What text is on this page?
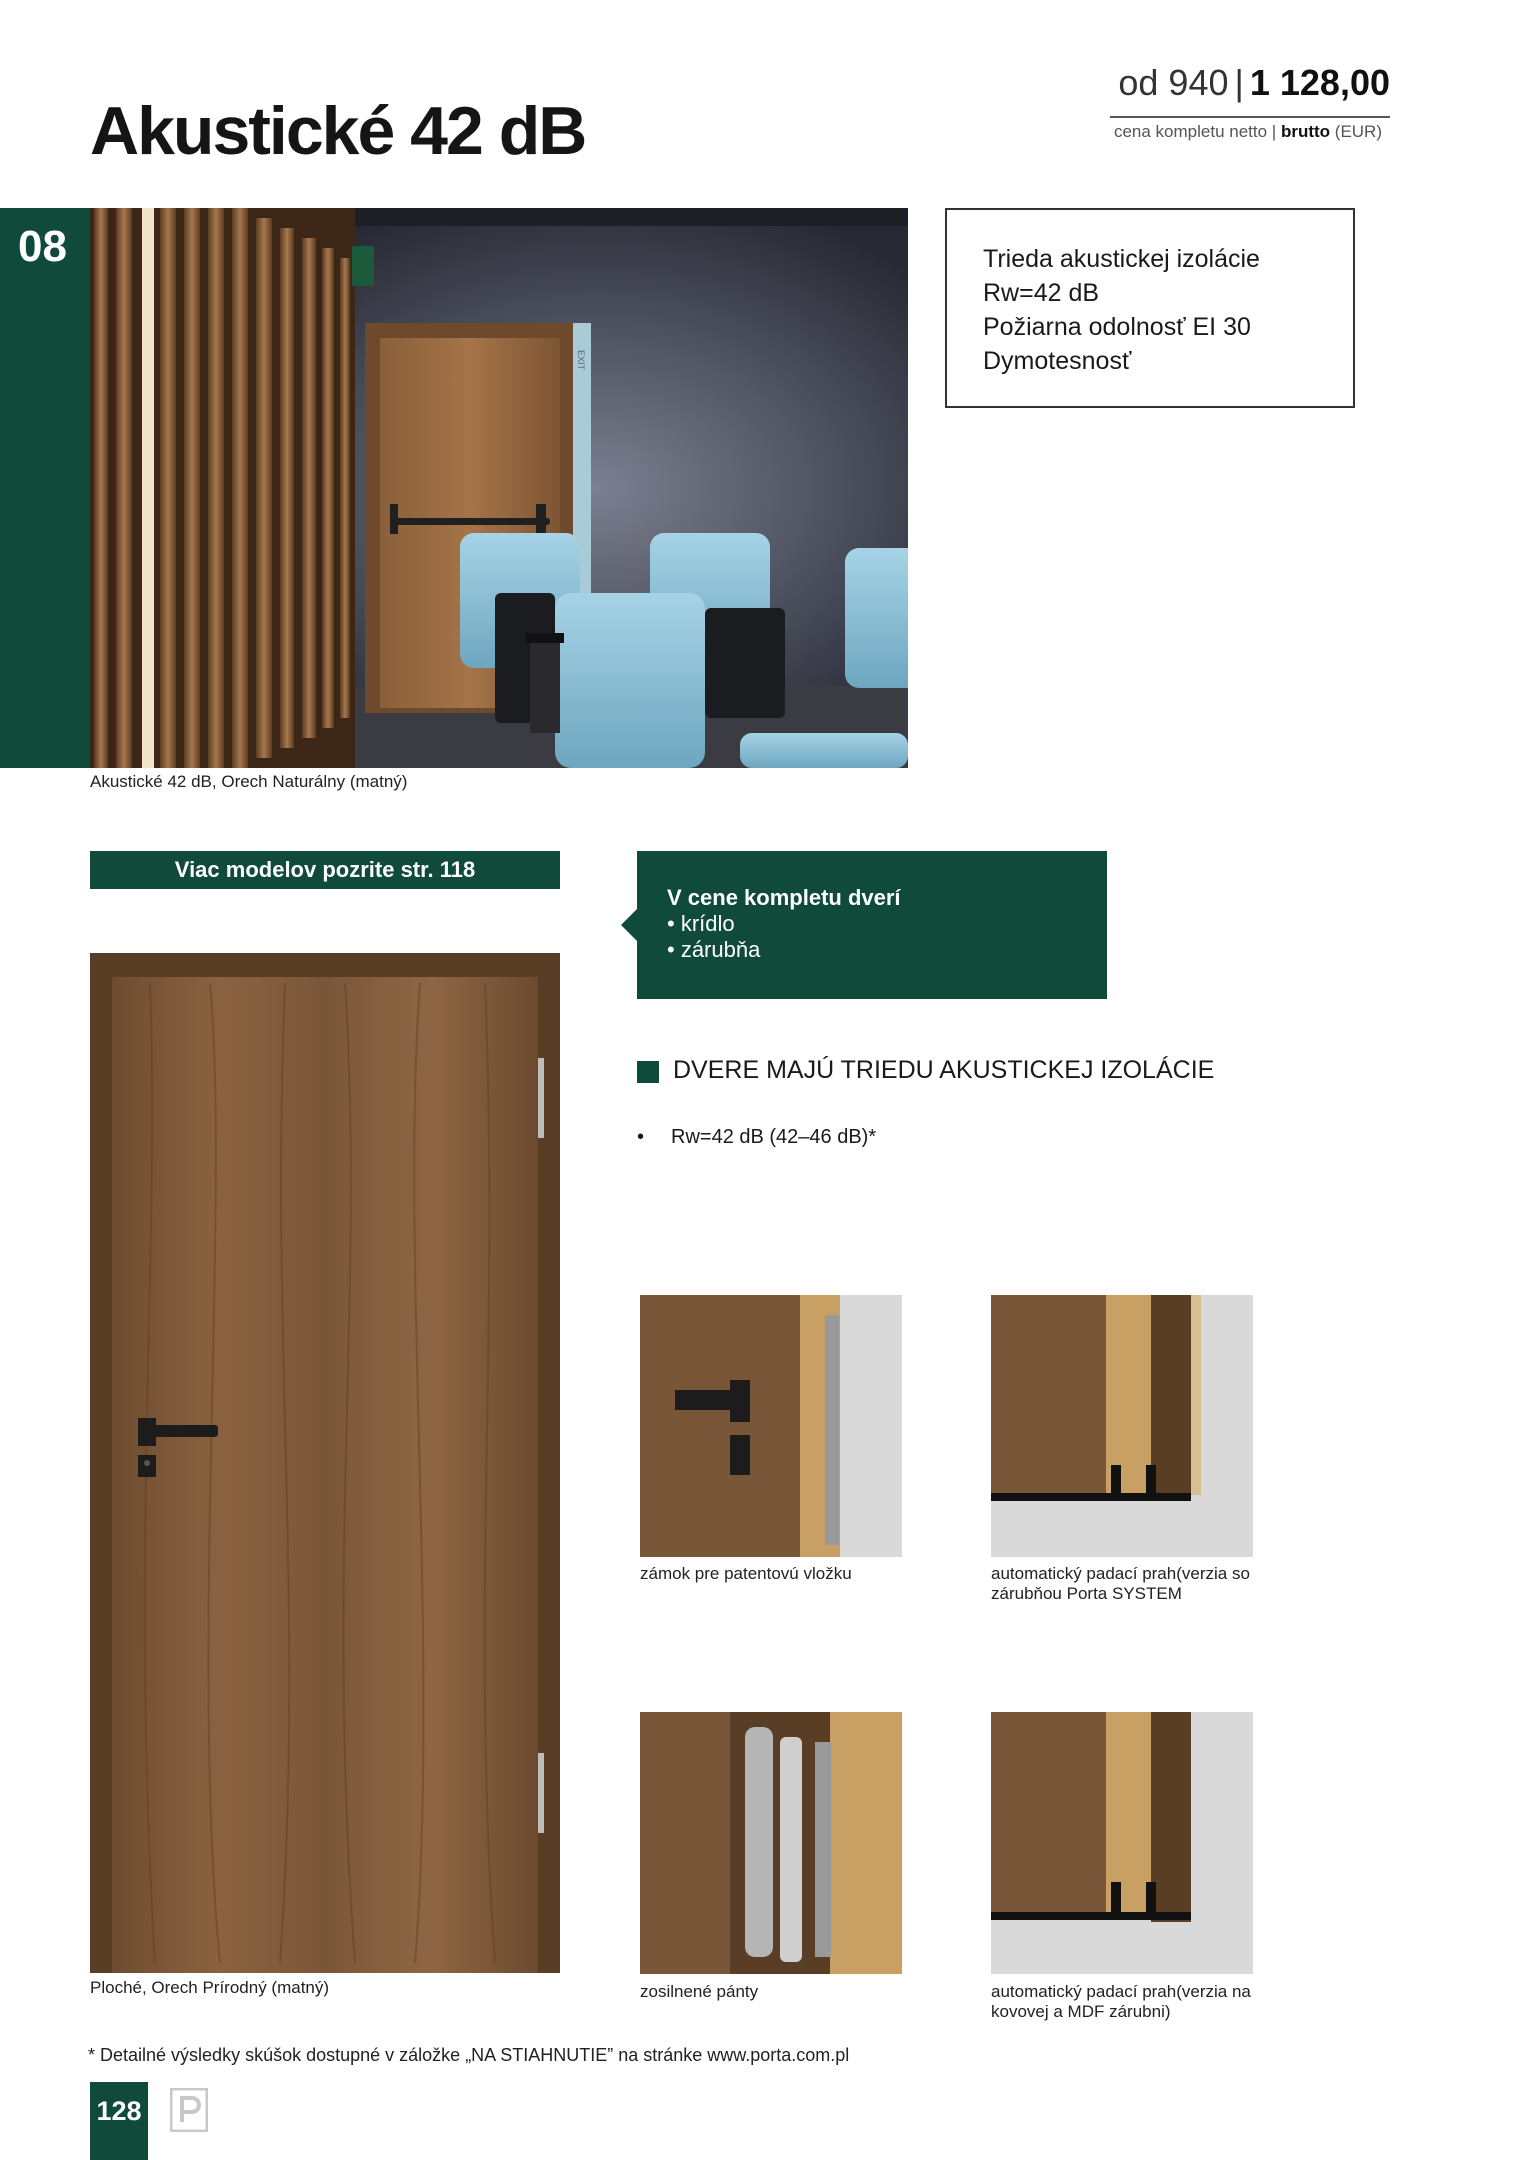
Akustické 42 dB
od 940 | 1 128,00
cena kompletu netto | brutto (EUR)
08
EXIT
Akustické 42 dB, Orech Naturálny (matný)
Trieda akustickej izolácie
Rw=42 dB
Požiarna odolnosť EI 30
Dymotesnosť
Viac modelov pozrite str. 118
V cene kompletu dverí
• krídlo
• zárubňa
DVERE MAJÚ TRIEDU AKUSTICKEJ IZOLÁCIE
• Rw=42 dB (42–46 dB)*
Ploché, Orech Prírodný (matný)
zámok pre patentovú vložku	automatický padací prah(verzia so zárubňou Porta SYSTEM
zosilnené pánty	automatický padací prah(verzia na kovovej a MDF zárubni)
* Detailné výsledky skúšok dostupné v záložke „NA STIAHNUTIE” na stránke www.porta.com.pl
128
